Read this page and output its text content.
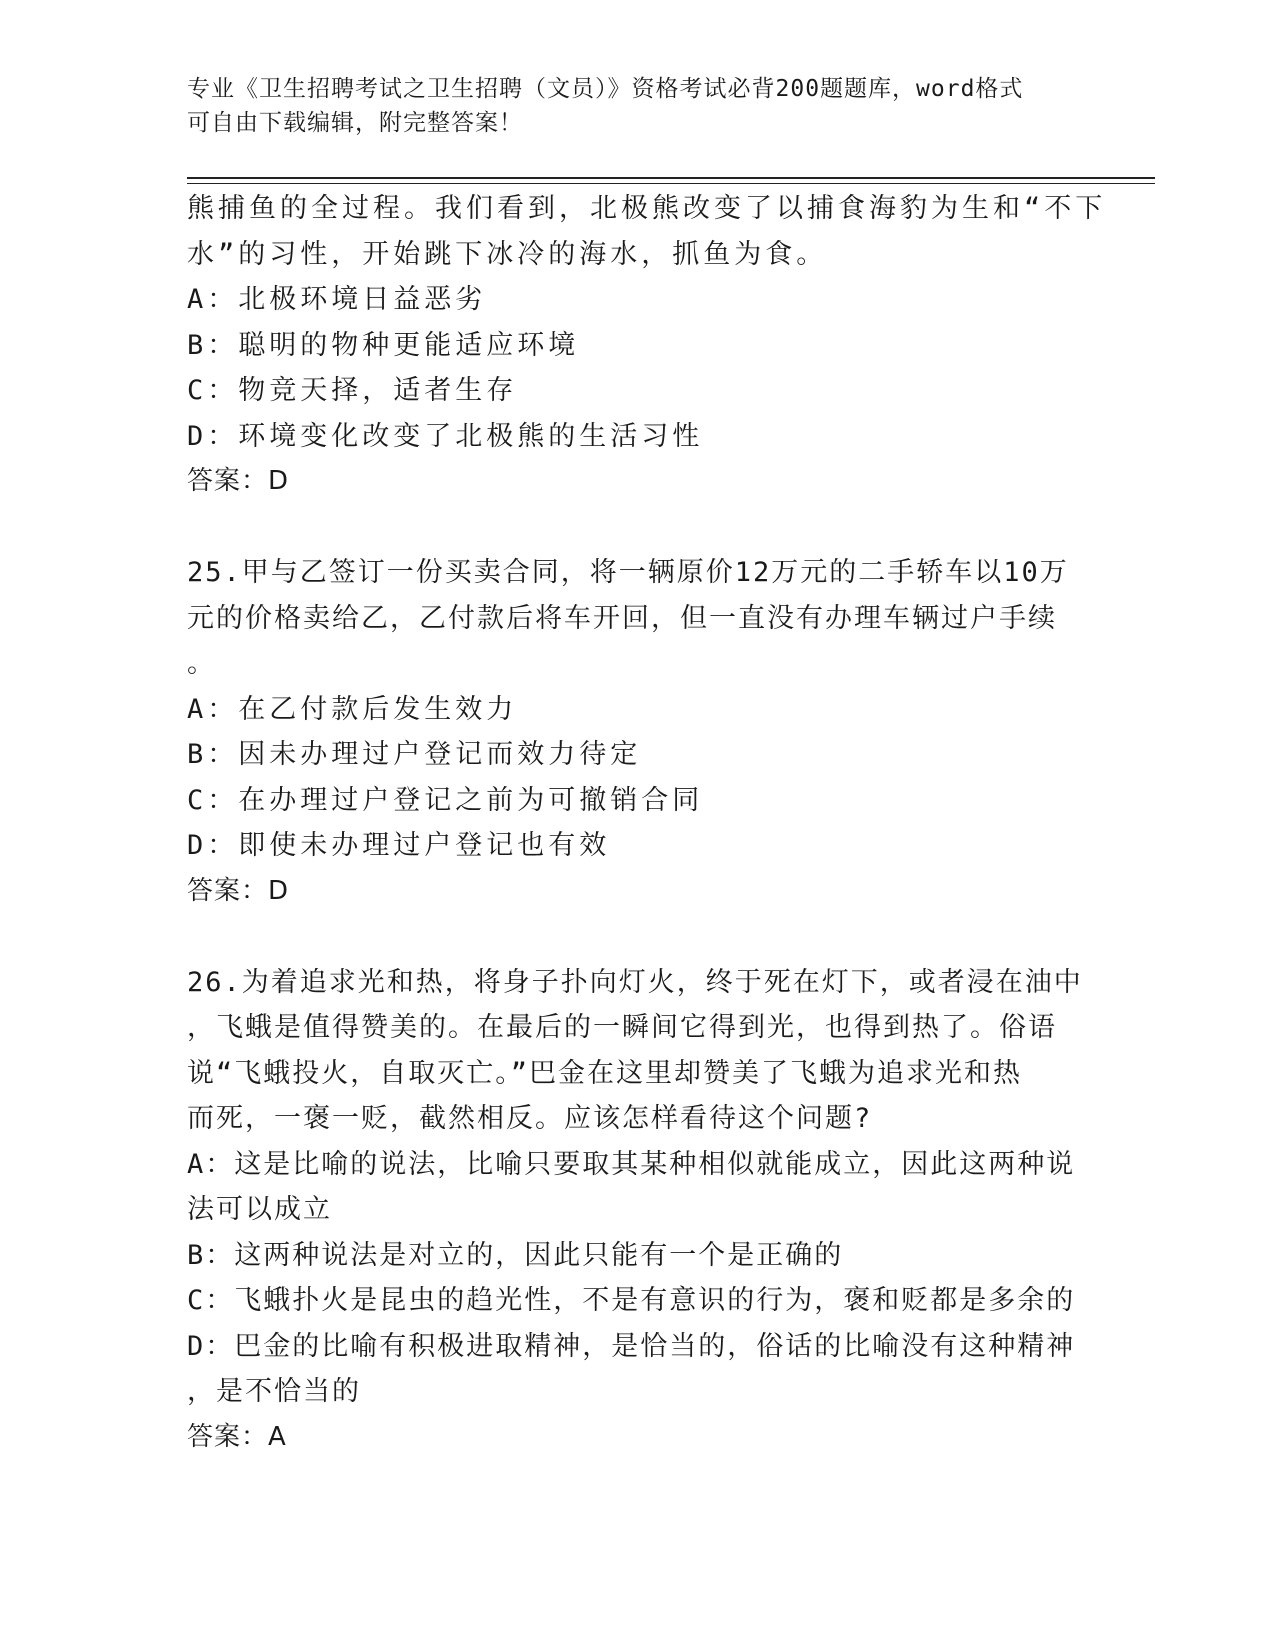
专业《卫生招聘考试之卫生招聘（文员）》资格考试必背200题题库，word格式
可自由下载编辑，附完整答案！
熊捕鱼的全过程。我们看到，北极熊改变了以捕食海豹为生和“不下
水”的习性，开始跳下冰冷的海水，抓鱼为食。
A：北极环境日益恶劣
B：聪明的物种更能适应环境
C：物竞天择，适者生存
D：环境变化改变了北极熊的生活习性
答案：D
25.甲与乙签订一份买卖合同，将一辆原价12万元的二手轿车以10万
元的价格卖给乙，乙付款后将车开回，但一直没有办理车辆过户手续
。
A：在乙付款后发生效力
B：因未办理过户登记而效力待定
C：在办理过户登记之前为可撤销合同
D：即使未办理过户登记也有效
答案：D
26.为着追求光和热，将身子扑向灯火，终于死在灯下，或者浸在油中
，飞蛾是值得赞美的。在最后的一瞬间它得到光，也得到热了。俗语
说“飞蛾投火，自取灭亡。”巴金在这里却赞美了飞蛾为追求光和热
而死，一褒一贬，截然相反。应该怎样看待这个问题?
A：这是比喻的说法，比喻只要取其某种相似就能成立，因此这两种说
法可以成立
B：这两种说法是对立的，因此只能有一个是正确的
C：飞蛾扑火是昆虫的趋光性，不是有意识的行为，褒和贬都是多余的
D：巴金的比喻有积极进取精神，是恰当的，俗话的比喻没有这种精神
，是不恰当的
答案：A
